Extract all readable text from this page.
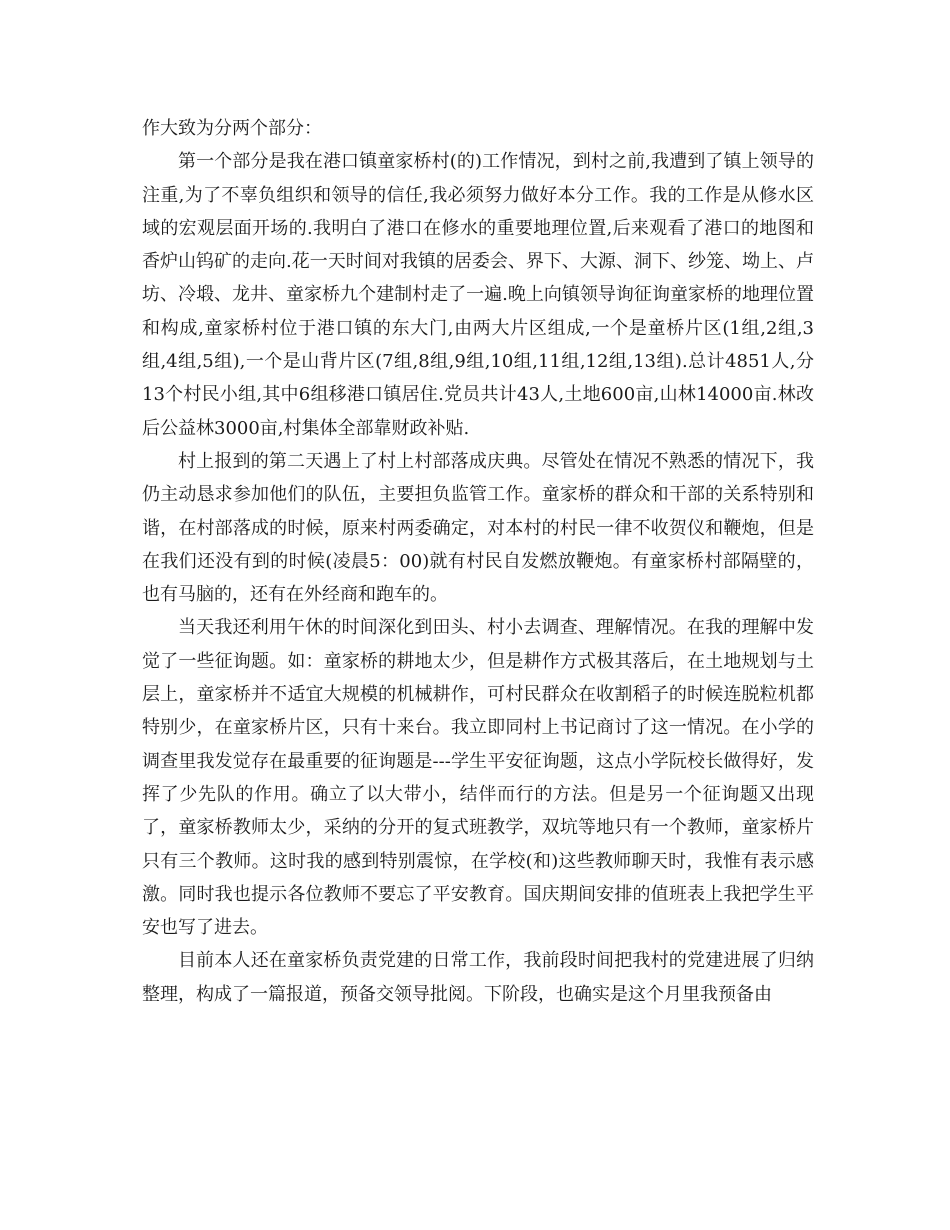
作大致为分两个部分：

第一个部分是我在港口镇童家桥村(的)工作情况，到村之前,我遭到了镇上领导的注重,为了不辜负组织和领导的信任,我必须努力做好本分工作。我的工作是从修水区域的宏观层面开场的.我明白了港口在修水的重要地理位置,后来观看了港口的地图和香炉山钨矿的走向.花一天时间对我镇的居委会、界下、大源、洞下、纱笼、坳上、卢坊、冷塅、龙井、童家桥九个建制村走了一遍.晚上向镇领导询征询童家桥的地理位置和构成,童家桥村位于港口镇的东大门,由两大片区组成,一个是童桥片区(1组,2组,3组,4组,5组),一个是山背片区(7组,8组,9组,10组,11组,12组,13组).总计4851人,分13个村民小组,其中6组移港口镇居住.党员共计43人,土地600亩,山林14000亩.林改后公益林3000亩,村集体全部靠财政补贴.

村上报到的第二天遇上了村上村部落成庆典。尽管处在情况不熟悉的情况下，我仍主动恳求参加他们的队伍，主要担负监管工作。童家桥的群众和干部的关系特别和谐，在村部落成的时候，原来村两委确定，对本村的村民一律不收贺仪和鞭炮，但是在我们还没有到的时候(凌晨5：00)就有村民自发燃放鞭炮。有童家桥村部隔壁的，也有马脑的，还有在外经商和跑车的。

当天我还利用午休的时间深化到田头、村小去调查、理解情况。在我的理解中发觉了一些征询题。如：童家桥的耕地太少，但是耕作方式极其落后，在土地规划与土层上，童家桥并不适宜大规模的机械耕作，可村民群众在收割稻子的时候连脱粒机都特别少，在童家桥片区，只有十来台。我立即同村上书记商讨了这一情况。在小学的调查里我发觉存在最重要的征询题是---学生平安征询题，这点小学阮校长做得好，发挥了少先队的作用。确立了以大带小，结伴而行的方法。但是另一个征询题又出现了，童家桥教师太少，采纳的分开的复式班教学，双坑等地只有一个教师，童家桥片只有三个教师。这时我的感到特别震惊，在学校(和)这些教师聊天时，我惟有表示感激。同时我也提示各位教师不要忘了平安教育。国庆期间安排的值班表上我把学生平安也写了进去。

目前本人还在童家桥负责党建的日常工作，我前段时间把我村的党建进展了归纳整理，构成了一篇报道，预备交领导批阅。下阶段，也确实是这个月里我预备由
